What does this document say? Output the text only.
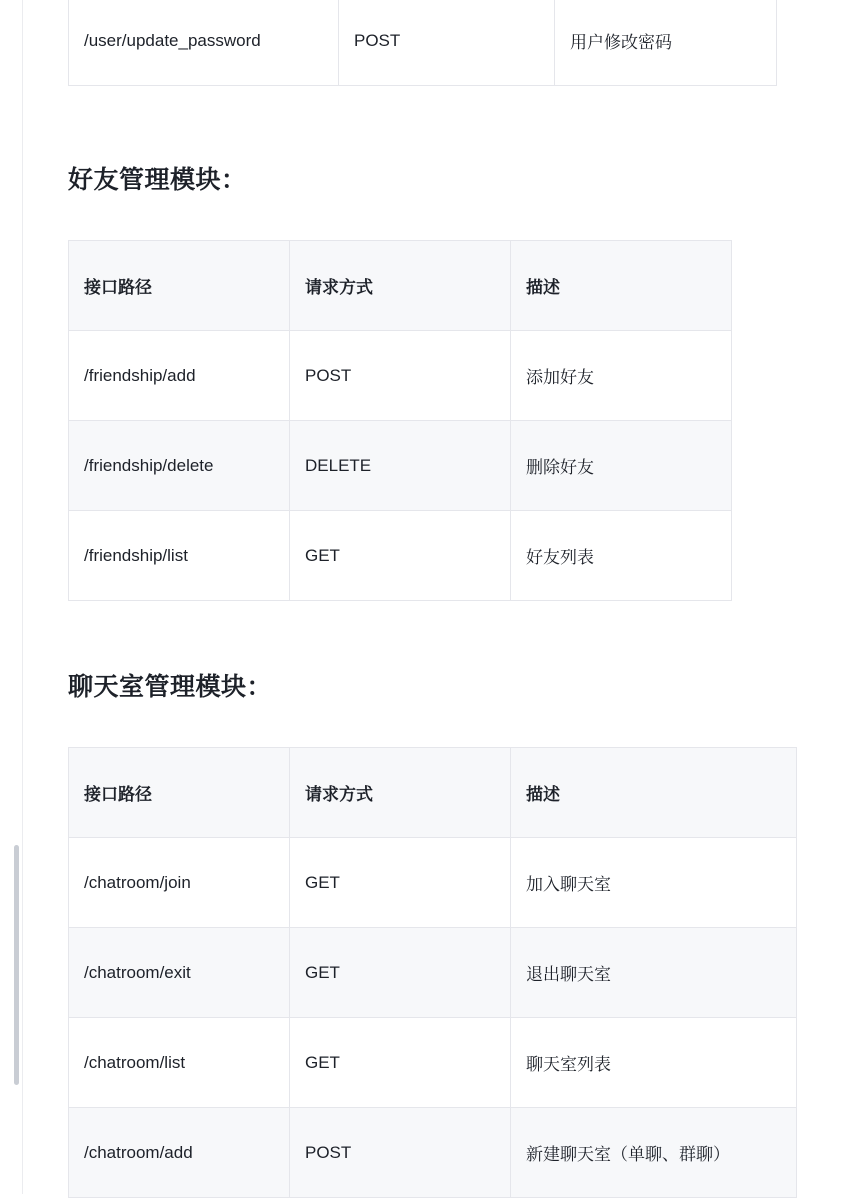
/user/update_password	POST	用户修改密码
好友管理模块：
接口路径	请求方式	描述
/friendship/add	POST	添加好友
/friendship/delete	DELETE	删除好友
/friendship/list	GET	好友列表
聊天室管理模块：
接口路径	请求方式	描述
/chatroom/join	GET	加入聊天室
/chatroom/exit	GET	退出聊天室
/chatroom/list	GET	聊天室列表
/chatroom/add	POST	新建聊天室（单聊、群聊）
